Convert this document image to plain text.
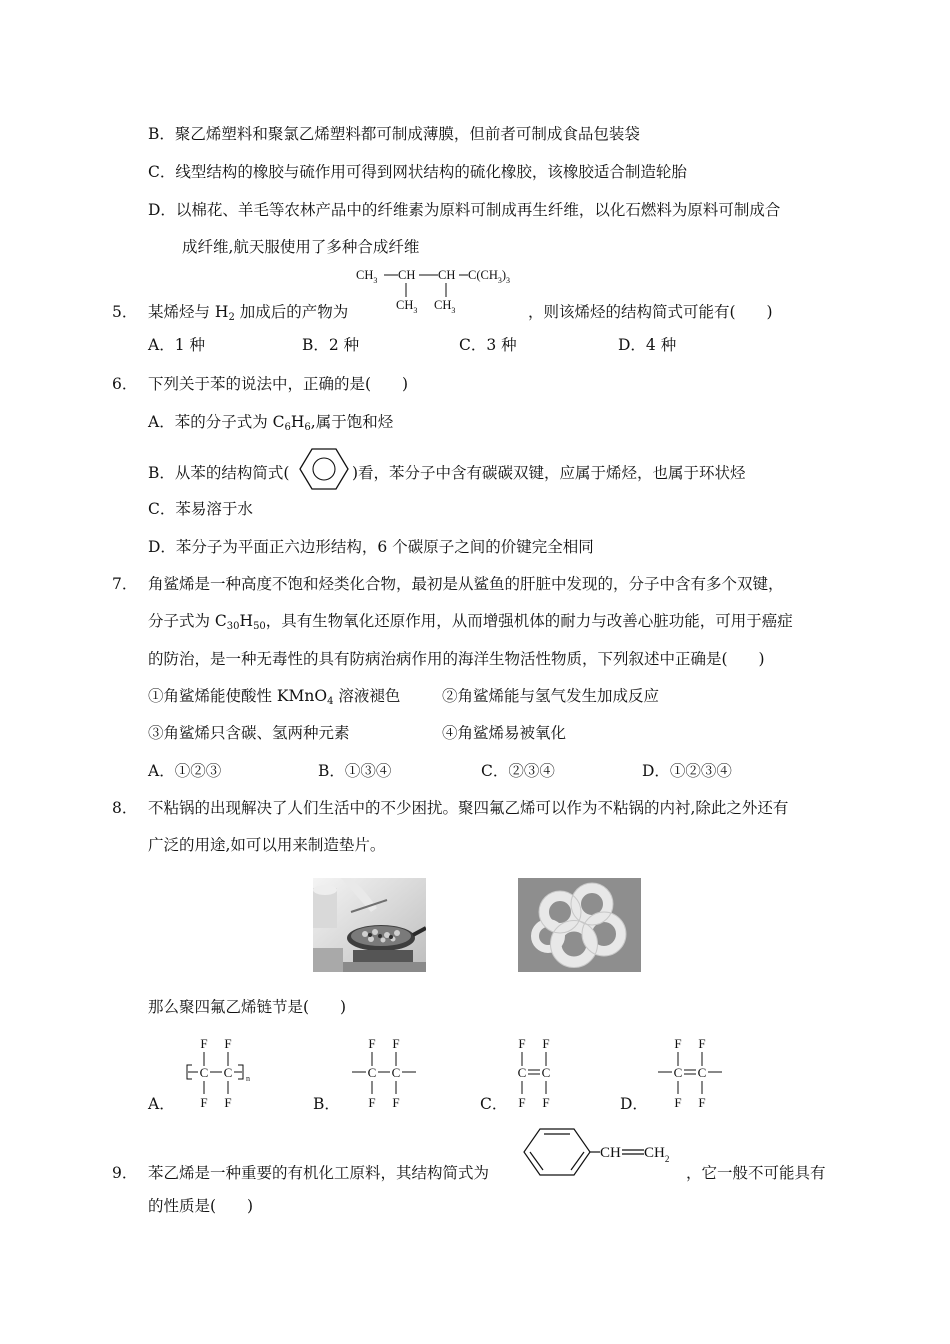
B．聚乙烯塑料和聚氯乙烯塑料都可制成薄膜，但前者可制成食品包装袋
C．线型结构的橡胶与硫作用可得到网状结构的硫化橡胶，该橡胶适合制造轮胎
D．以棉花、羊毛等农林产品中的纤维素为原料可制成再生纤维，以化石燃料为原料可制成合
成纤维,航天服使用了多种合成纤维
$CH_3$ CH CH $C(CH_3)_3$
$CH_3$ $CH_3$
5． 某烯烃与 $H_2$ 加成后的产物为	，则该烯烃的结构简式可能有(　　)
A．1 种	B．2 种	C．3 种	D．4 种
6． 下列关于苯的说法中，正确的是(　　)
A．苯的分子式为 $C_6H_6$,属于饱和烃
B．从苯的结构简式(	)看，苯分子中含有碳碳双键，应属于烯烃，也属于环状烃
C．苯易溶于水
D．苯分子为平面正六边形结构，6 个碳原子之间的价键完全相同
7． 角鲨烯是一种高度不饱和烃类化合物，最初是从鲨鱼的肝脏中发现的，分子中含有多个双键，
分子式为 $C_{30}H_{50}$，具有生物氧化还原作用，从而增强机体的耐力与改善心脏功能，可用于癌症
的防治，是一种无毒性的具有防病治病作用的海洋生物活性物质，下列叙述中正确是(　　)
①角鲨烯能使酸性 KMnO$_4$ 溶液褪色	②角鲨烯能与氢气发生加成反应
③角鲨烯只含碳、氢两种元素	④角鲨烯易被氧化
A．①②③	B．①③④	C．②③④	D．①②③④
8． 不粘锅的出现解决了人们生活中的不少困扰。聚四氟乙烯可以作为不粘锅的内衬,除此之外还有
广泛的用途,如可以用来制造垫片。
那么聚四氟乙烯链节是(　　)
A．
F F
C C n
F F	B．
F F
C C
F F	C．
F F
C C
F F	D．
F F
C C
F F
9． 苯乙烯是一种重要的有机化工原料，其结构简式为
CH $CH_2$
，它一般不可能具有
的性质是(　　)
